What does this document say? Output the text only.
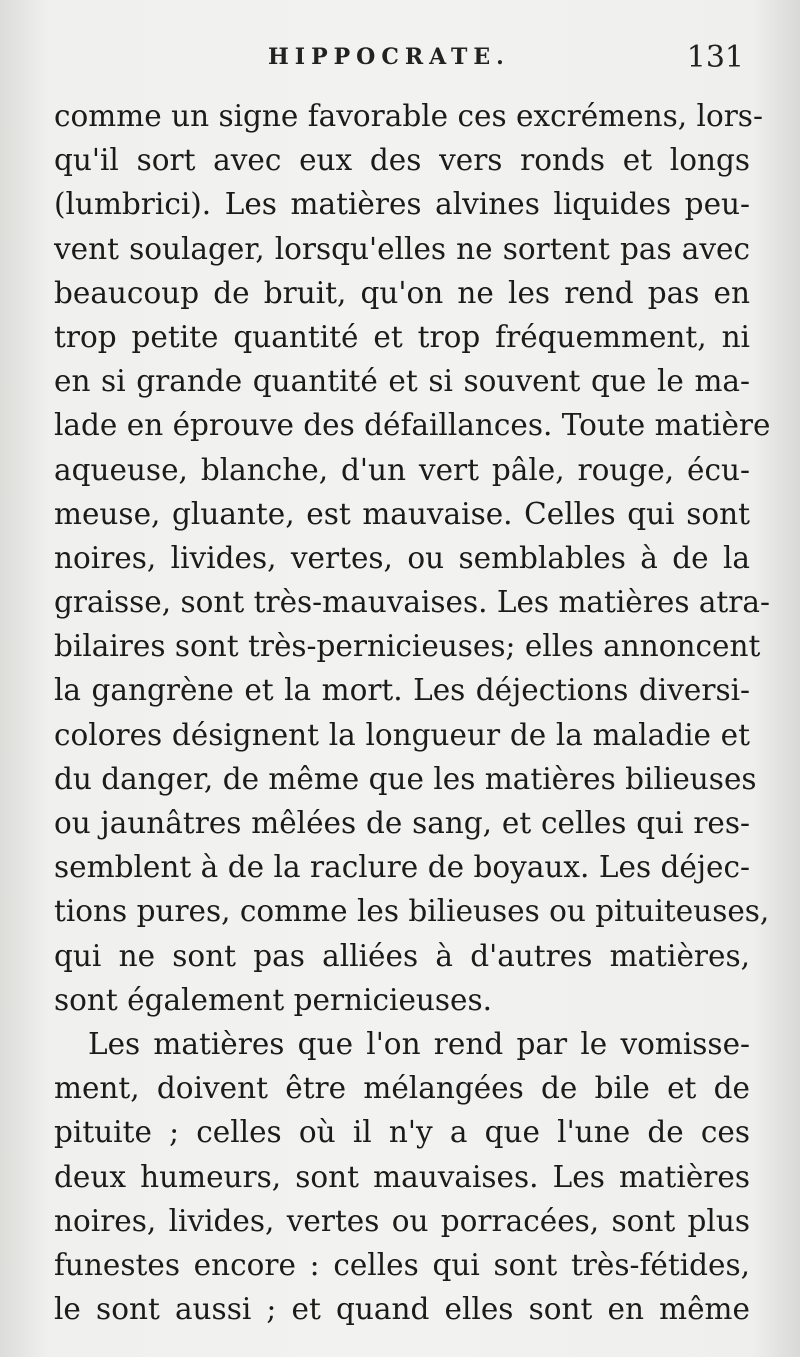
HIPPOCRATE.	131
comme un signe favorable ces excrémens, lors-
qu'il sort avec eux des vers ronds et longs
(lumbrici). Les matières alvines liquides peu-
vent soulager, lorsqu'elles ne sortent pas avec
beaucoup de bruit, qu'on ne les rend pas en
trop petite quantité et trop fréquemment, ni
en si grande quantité et si souvent que le ma-
lade en éprouve des défaillances. Toute matière
aqueuse, blanche, d'un vert pâle, rouge, écu-
meuse, gluante, est mauvaise. Celles qui sont
noires, livides, vertes, ou semblables à de la
graisse, sont très-mauvaises. Les matières atra-
bilaires sont très-pernicieuses; elles annoncent
la gangrène et la mort. Les déjections diversi-
colores désignent la longueur de la maladie et
du danger, de même que les matières bilieuses
ou jaunâtres mêlées de sang, et celles qui res-
semblent à de la raclure de boyaux. Les déjec-
tions pures, comme les bilieuses ou pituiteuses,
qui ne sont pas alliées à d'autres matières,
sont également pernicieuses.
Les matières que l'on rend par le vomisse-
ment, doivent être mélangées de bile et de
pituite ; celles où il n'y a que l'une de ces
deux humeurs, sont mauvaises. Les matières
noires, livides, vertes ou porracées, sont plus
funestes encore : celles qui sont très-fétides,
le sont aussi ; et quand elles sont en même
